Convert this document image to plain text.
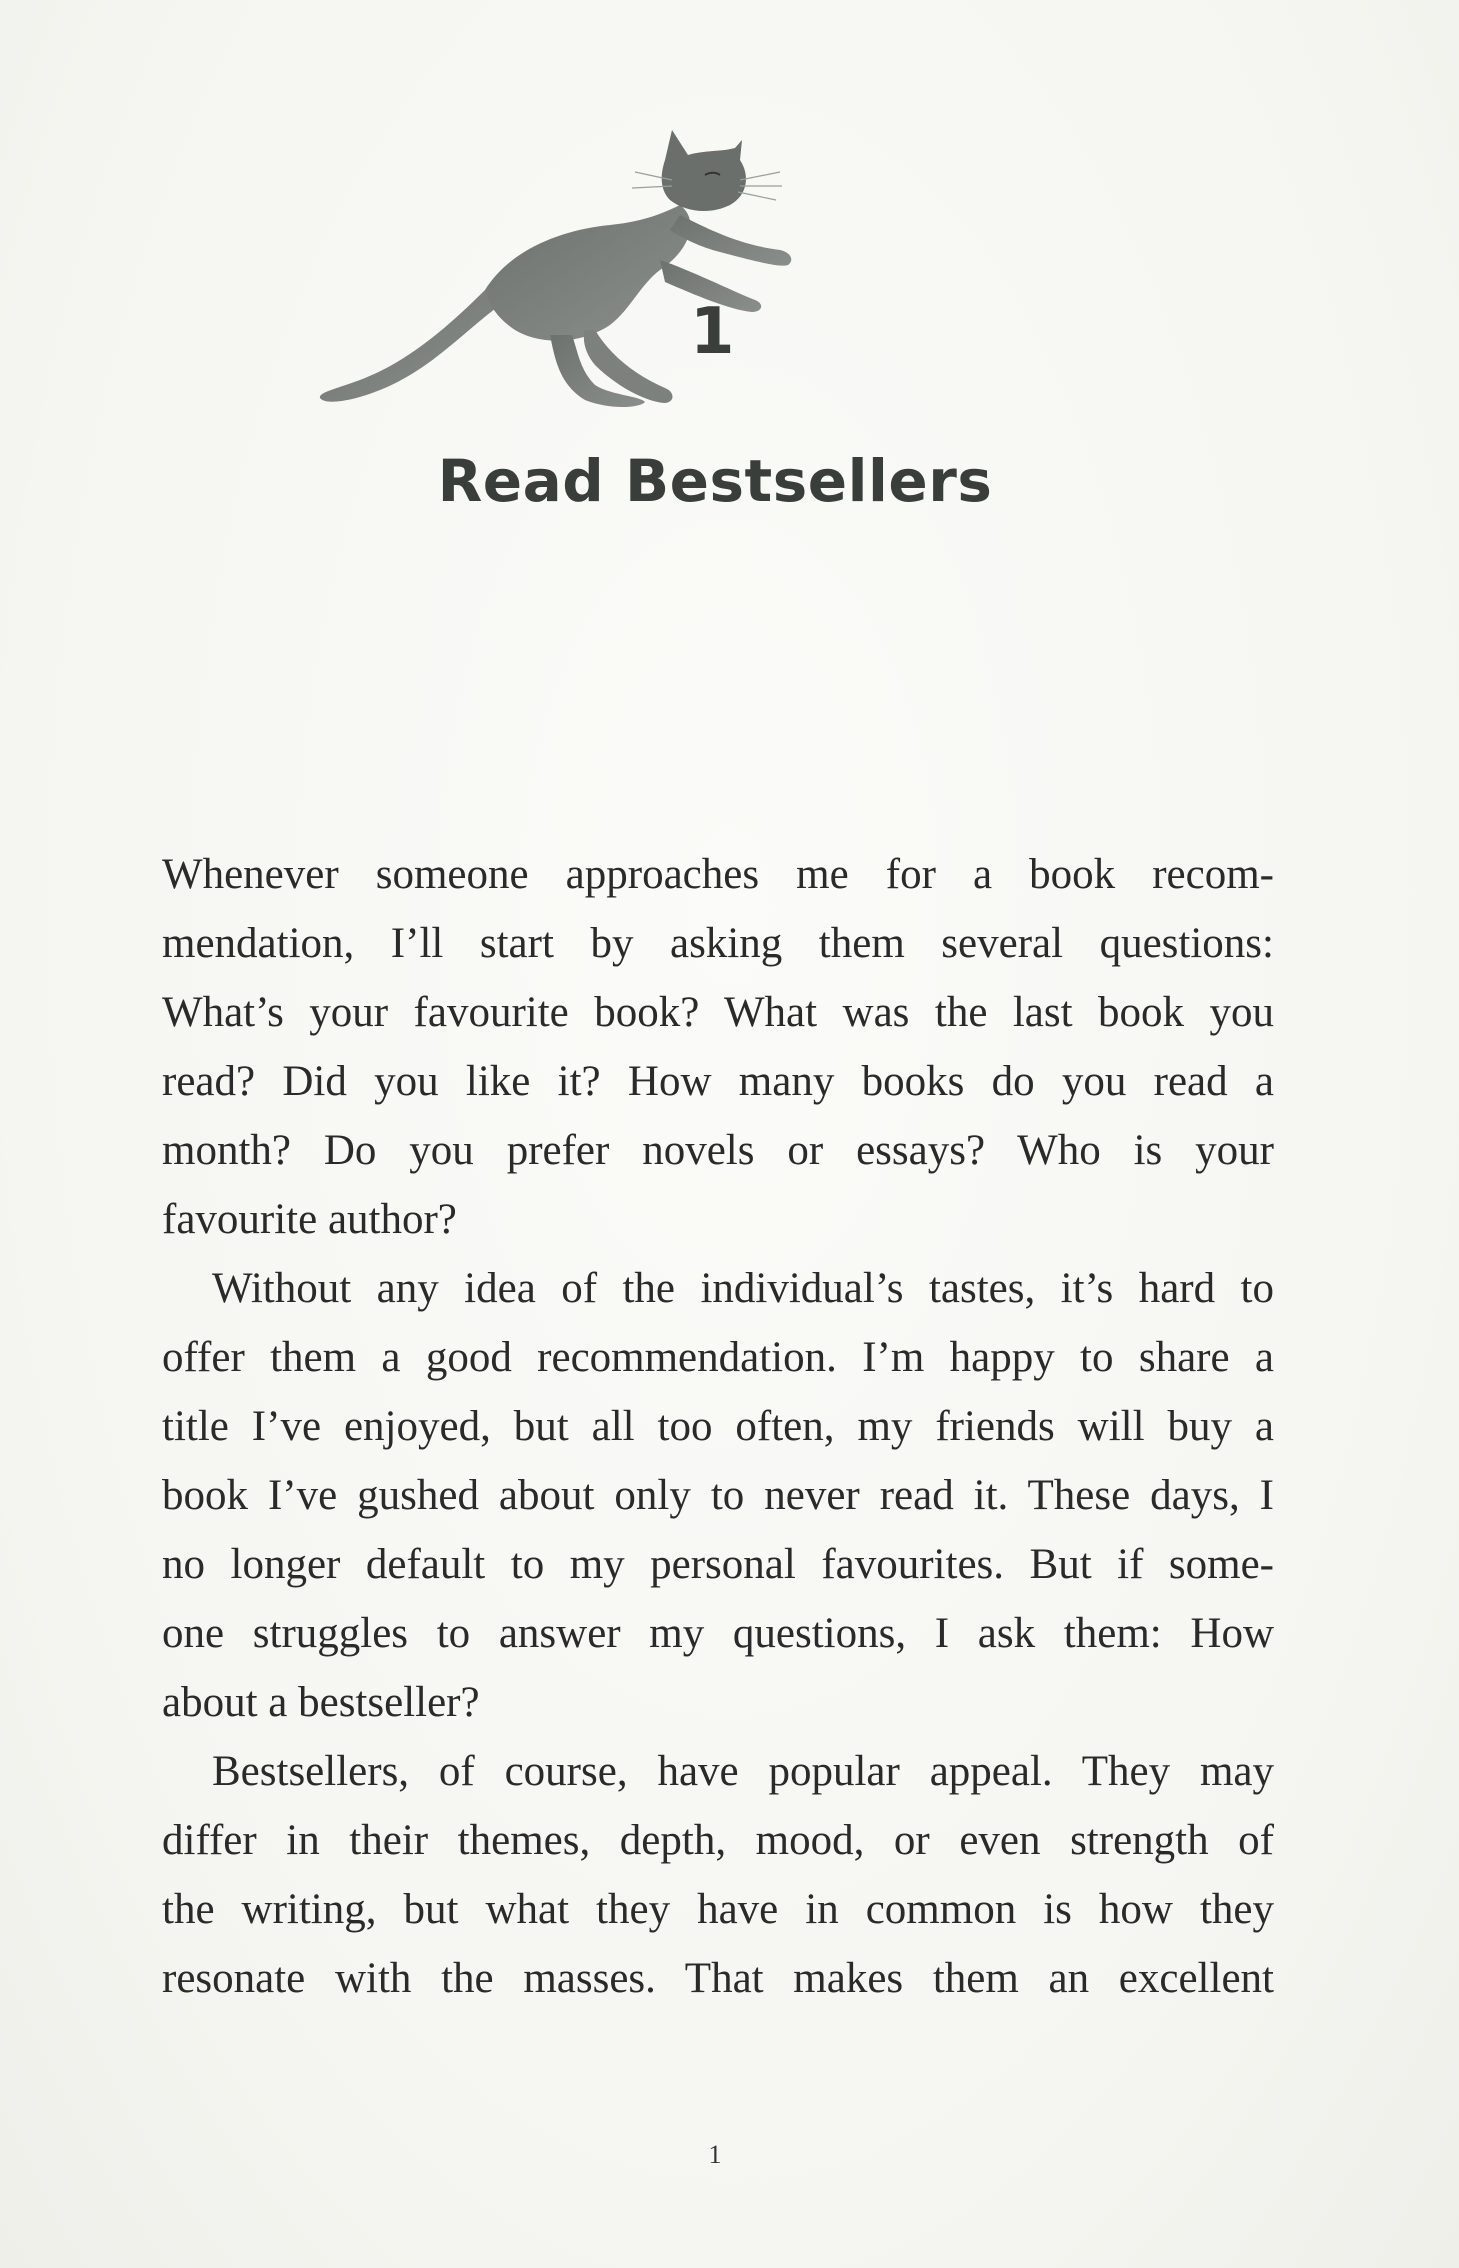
1
Read Bestsellers
Whenever someone approaches me for a book recom-
mendation, I’ll start by asking them several questions:
What’s your favourite book? What was the last book you
read? Did you like it? How many books do you read a
month? Do you prefer novels or essays? Who is your
favourite author?
Without any idea of the individual’s tastes, it’s hard to
offer them a good recommendation. I’m happy to share a
title I’ve enjoyed, but all too often, my friends will buy a
book I’ve gushed about only to never read it. These days, I
no longer default to my personal favourites. But if some-
one struggles to answer my questions, I ask them: How
about a bestseller?
Bestsellers, of course, have popular appeal. They may
differ in their themes, depth, mood, or even strength of
the writing, but what they have in common is how they
resonate with the masses. That makes them an excellent
1
